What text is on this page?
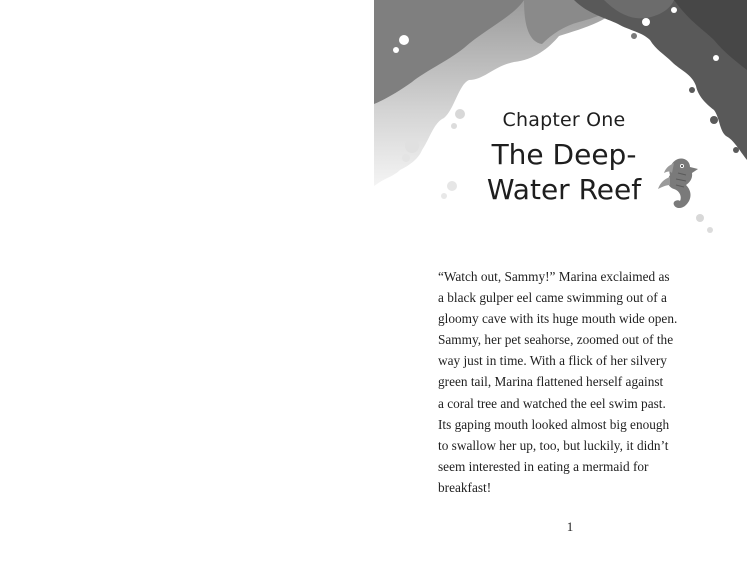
Chapter One
The Deep-
Water Reef

“Watch out, Sammy!” Marina exclaimed as
a black gulper eel came swimming out of a
gloomy cave with its huge mouth wide open.
Sammy, her pet seahorse, zoomed out of the
way just in time. With a flick of her silvery
green tail, Marina flattened herself against
a coral tree and watched the eel swim past.
Its gaping mouth looked almost big enough
to swallow her up, too, but luckily, it didn’t
seem interested in eating a mermaid for
breakfast!

1
